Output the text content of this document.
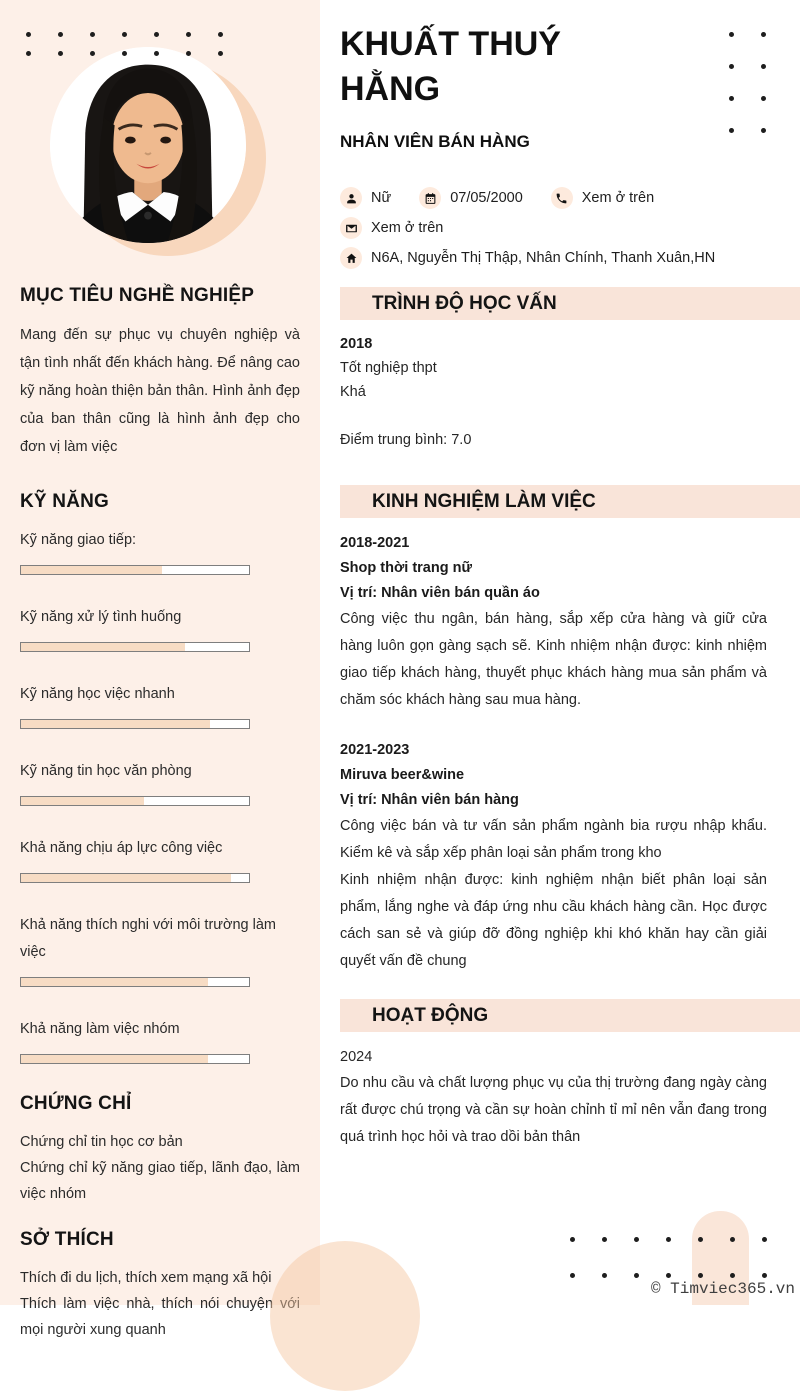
MỤC TIÊU NGHỀ NGHIỆP

Mang đến sự phục vụ chuyên nghiệp và tận tình nhất đến khách hàng. Để nâng cao kỹ năng hoàn thiện bản thân. Hình ảnh đẹp của ban thân cũng là hình ảnh đẹp cho đơn vị làm việc

KỸ NĂNG
Kỹ năng giao tiếp:
Kỹ năng xử lý tình huống
Kỹ năng học việc nhanh
Kỹ năng tin học văn phòng
Khả năng chịu áp lực công việc
Khả năng thích nghi với môi trường làm việc
Khả năng làm việc nhóm
CHỨNG CHỈ
Chứng chỉ tin học cơ bản
Chứng chỉ kỹ năng giao tiếp, lãnh đạo, làm việc nhóm
SỞ THÍCH
Thích đi du lịch, thích xem mạng xã hội
Thích làm việc nhà, thích nói chuyện với mọi người xung quanh
KHUẤT THUÝ HẰNG
NHÂN VIÊN BÁN HÀNG
Nữ	07/05/2000	Xem ở trên
Xem ở trên
N6A, Nguyễn Thị Thập, Nhân Chính, Thanh Xuân,HN
TRÌNH ĐỘ HỌC VẤN
2018
Tốt nghiệp thpt
Khá
Điểm trung bình: 7.0
KINH NGHIỆM LÀM VIỆC
2018-2021
Shop thời trang nữ
Vị trí: Nhân viên bán quần áo

Công việc thu ngân, bán hàng, sắp xếp cửa hàng và giữ cửa hàng luôn gọn gàng sạch sẽ. Kinh nhiệm nhận được: kinh nhiệm giao tiếp khách hàng, thuyết phục khách hàng mua sản phẩm và chăm sóc khách hàng sau mua hàng.

2021-2023
Miruva beer&wine
Vị trí: Nhân viên bán hàng

Công việc bán và tư vấn sản phẩm ngành bia rượu nhập khẩu. Kiểm kê và sắp xếp phân loại sản phẩm trong kho

Kinh nhiệm nhận được: kinh nghiệm nhận biết phân loại sản phẩm, lắng nghe và đáp ứng nhu cầu khách hàng cần. Học được cách san sẻ và giúp đỡ đồng nghiệp khi khó khăn hay cần giải quyết vấn đề chung

HOẠT ĐỘNG
2024
Do nhu cầu và chất lượng phục vụ của thị trường đang ngày càng rất được chú trọng và cần sự hoàn chỉnh tỉ mỉ nên vẫn đang trong quá trình học hỏi và trao dồi bản thân
© Timviec365.vn
